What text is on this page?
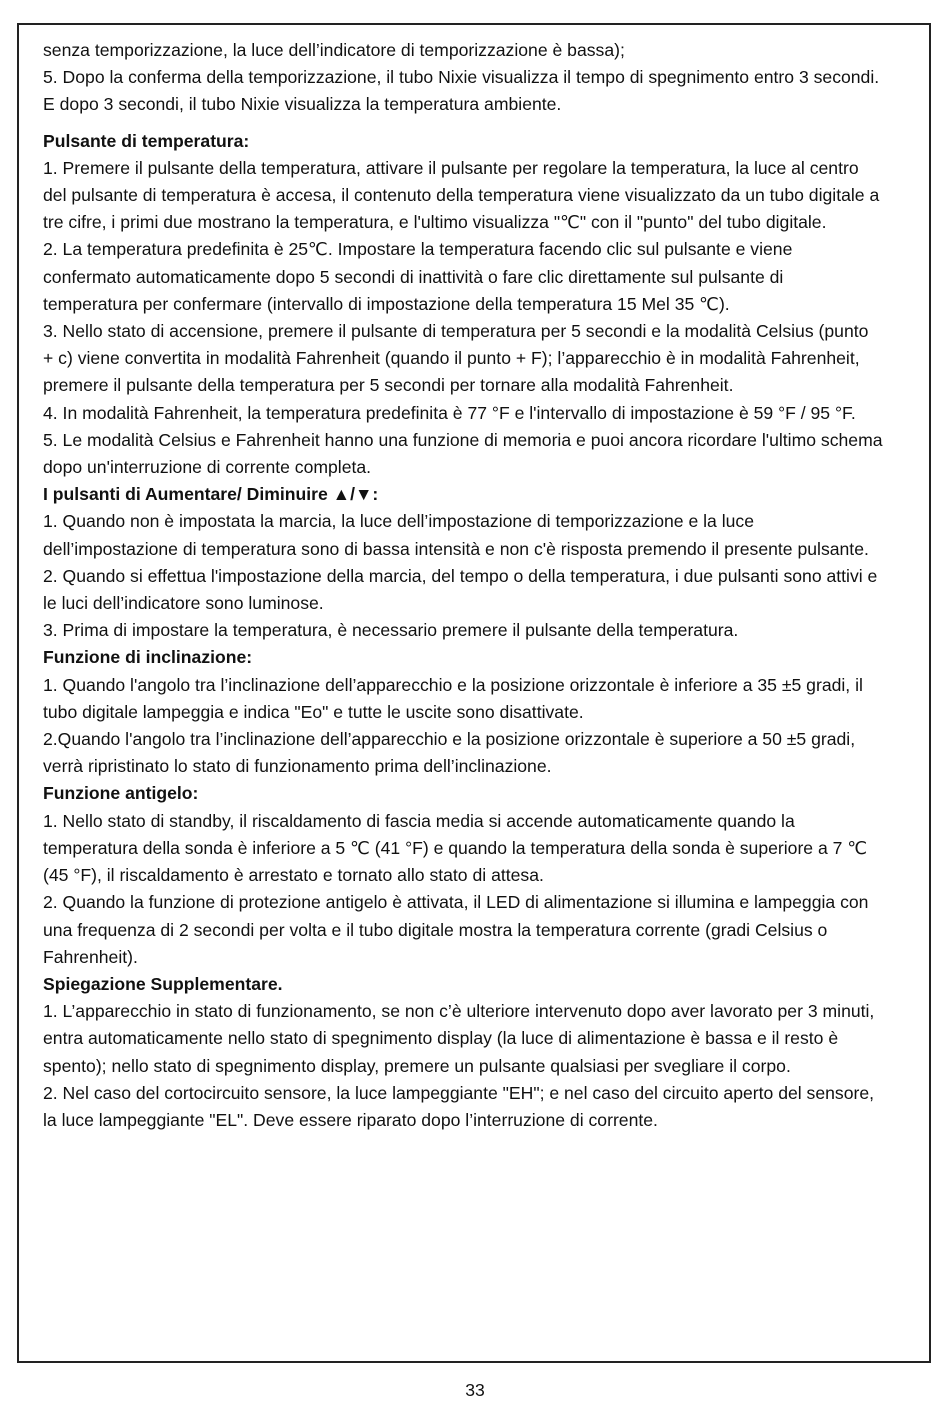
senza temporizzazione, la luce dell’indicatore di temporizzazione è bassa);

5. Dopo la conferma della temporizzazione, il tubo Nixie visualizza il tempo di spegnimento entro 3 secondi. E dopo 3 secondi, il tubo Nixie visualizza la temperatura ambiente.

Pulsante di temperatura:

1. Premere il pulsante della temperatura, attivare il pulsante per regolare la temperatura, la luce al centro del pulsante di temperatura è accesa, il contenuto della temperatura viene visualizzato da un tubo digitale a tre cifre, i primi due mostrano la temperatura, e l'ultimo visualizza "℃" con il "punto" del tubo digitale.

2. La temperatura predefinita è 25℃. Impostare la temperatura facendo clic sul pulsante e viene confermato automaticamente dopo 5 secondi di inattività o fare clic direttamente sul pulsante di temperatura per confermare (intervallo di impostazione della temperatura 15 Mel 35 ℃).

3. Nello stato di accensione, premere il pulsante di temperatura per 5 secondi e la modalità Celsius (punto + c) viene convertita in modalità Fahrenheit (quando il punto + F); l’apparecchio è in modalità Fahrenheit, premere il pulsante della temperatura per 5 secondi per tornare alla modalità Fahrenheit.

4. In modalità Fahrenheit, la temperatura predefinita è 77 °F e l'intervallo di impostazione è 59 °F / 95 °F.

5. Le modalità Celsius e Fahrenheit hanno una funzione di memoria e puoi ancora ricordare l'ultimo schema dopo un'interruzione di corrente completa.

I pulsanti di Aumentare/ Diminuire ▲/▼:

1. Quando non è impostata la marcia, la luce dell’impostazione di temporizzazione e la luce dell’impostazione di temperatura sono di bassa intensità e non c'è risposta premendo il presente pulsante.

2. Quando si effettua l'impostazione della marcia, del tempo o della temperatura, i due pulsanti sono attivi e le luci dell’indicatore sono luminose.

3. Prima di impostare la temperatura, è necessario premere il pulsante della temperatura.

Funzione di inclinazione:

1. Quando l'angolo tra l’inclinazione dell’apparecchio e la posizione orizzontale è inferiore a 35 ±5 gradi, il tubo digitale lampeggia e indica "Eo" e tutte le uscite sono disattivate.

2.Quando l'angolo tra l’inclinazione dell’apparecchio e la posizione orizzontale è superiore a 50 ±5 gradi, verrà ripristinato lo stato di funzionamento prima dell’inclinazione.

Funzione antigelo:

1. Nello stato di standby, il riscaldamento di fascia media si accende automaticamente quando la temperatura della sonda è inferiore a 5 ℃ (41 °F) e quando la temperatura della sonda è superiore a 7 ℃ (45 °F), il riscaldamento è arrestato e tornato allo stato di attesa.

2. Quando la funzione di protezione antigelo è attivata, il LED di alimentazione si illumina e lampeggia con una frequenza di 2 secondi per volta e il tubo digitale mostra la temperatura corrente (gradi Celsius o Fahrenheit).

Spiegazione Supplementare.

1. L’apparecchio in stato di funzionamento, se non c’è ulteriore intervenuto dopo aver lavorato per 3 minuti, entra automaticamente nello stato di spegnimento display (la luce di alimentazione è bassa e il resto è spento); nello stato di spegnimento display, premere un pulsante qualsiasi per svegliare il corpo.

2. Nel caso del cortocircuito sensore, la luce lampeggiante "EH"; e nel caso del circuito aperto del sensore, la luce lampeggiante "EL". Deve essere riparato dopo l’interruzione di corrente.

33
